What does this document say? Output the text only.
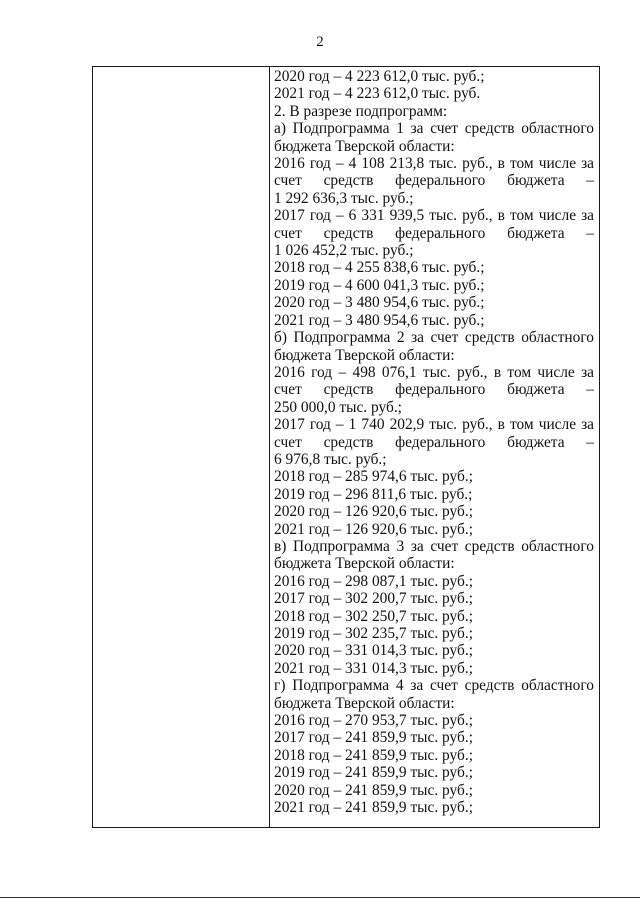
2
2020 год – 4 223 612,0 тыс. руб.;
2021 год – 4 223 612,0 тыс. руб.
2. В разрезе подпрограмм:
а) Подпрограмма 1 за счет средств областного
бюджета Тверской области:
2016 год – 4 108 213,8 тыс. руб., в том числе за
счет средств федерального бюджета –
1 292 636,3 тыс. руб.;
2017 год – 6 331 939,5 тыс. руб., в том числе за
счет средств федерального бюджета –
1 026 452,2 тыс. руб.;
2018 год – 4 255 838,6 тыс. руб.;
2019 год – 4 600 041,3 тыс. руб.;
2020 год – 3 480 954,6 тыс. руб.;
2021 год – 3 480 954,6 тыс. руб.;
б) Подпрограмма 2 за счет средств областного
бюджета Тверской области:
2016 год – 498 076,1 тыс. руб., в том числе за
счет средств федерального бюджета –
250 000,0 тыс. руб.;
2017 год – 1 740 202,9 тыс. руб., в том числе за
счет средств федерального бюджета –
6 976,8 тыс. руб.;
2018 год – 285 974,6 тыс. руб.;
2019 год – 296 811,6 тыс. руб.;
2020 год – 126 920,6 тыс. руб.;
2021 год – 126 920,6 тыс. руб.;
в) Подпрограмма 3 за счет средств областного
бюджета Тверской области:
2016 год – 298 087,1 тыс. руб.;
2017 год – 302 200,7 тыс. руб.;
2018 год – 302 250,7 тыс. руб.;
2019 год – 302 235,7 тыс. руб.;
2020 год – 331 014,3 тыс. руб.;
2021 год – 331 014,3 тыс. руб.;
г) Подпрограмма 4 за счет средств областного
бюджета Тверской области:
2016 год – 270 953,7 тыс. руб.;
2017 год – 241 859,9 тыс. руб.;
2018 год – 241 859,9 тыс. руб.;
2019 год – 241 859,9 тыс. руб.;
2020 год – 241 859,9 тыс. руб.;
2021 год – 241 859,9 тыс. руб.;
